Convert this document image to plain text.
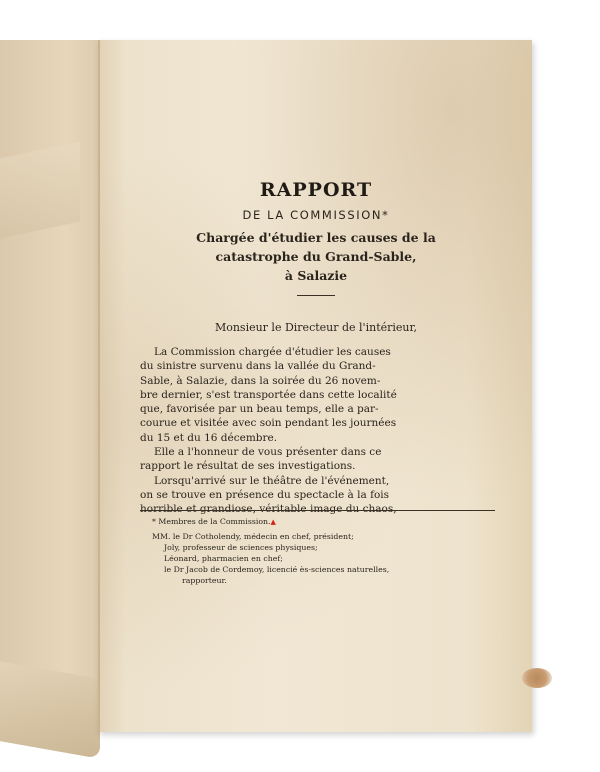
RAPPORT
DE LA COMMISSION*
Chargée d'étudier les causes de la
catastrophe du Grand-Sable,
à Salazie
Monsieur le Directeur de l'intérieur,
La Commission chargée d'étudier les causes
du sinistre survenu dans la vallée du Grand-
Sable, à Salazie, dans la soirée du 26 novem-
bre dernier, s'est transportée dans cette localité
que, favorisée par un beau temps, elle a par-
courue et visitée avec soin pendant les journées
du 15 et du 16 décembre.
Elle a l'honneur de vous présenter dans ce
rapport le résultat de ses investigations.
Lorsqu'arrivé sur le théâtre de l'événement,
on se trouve en présence du spectacle à la fois
horrible et grandiose, véritable image du chaos,
* Membres de la Commission.▲
MM. le Dr Cotholendy, médecin en chef, président;
Joly, professeur de sciences physiques;
Léonard, pharmacien en chef;
le Dr Jacob de Cordemoy, licencié ès-sciences naturelles,
rapporteur.
